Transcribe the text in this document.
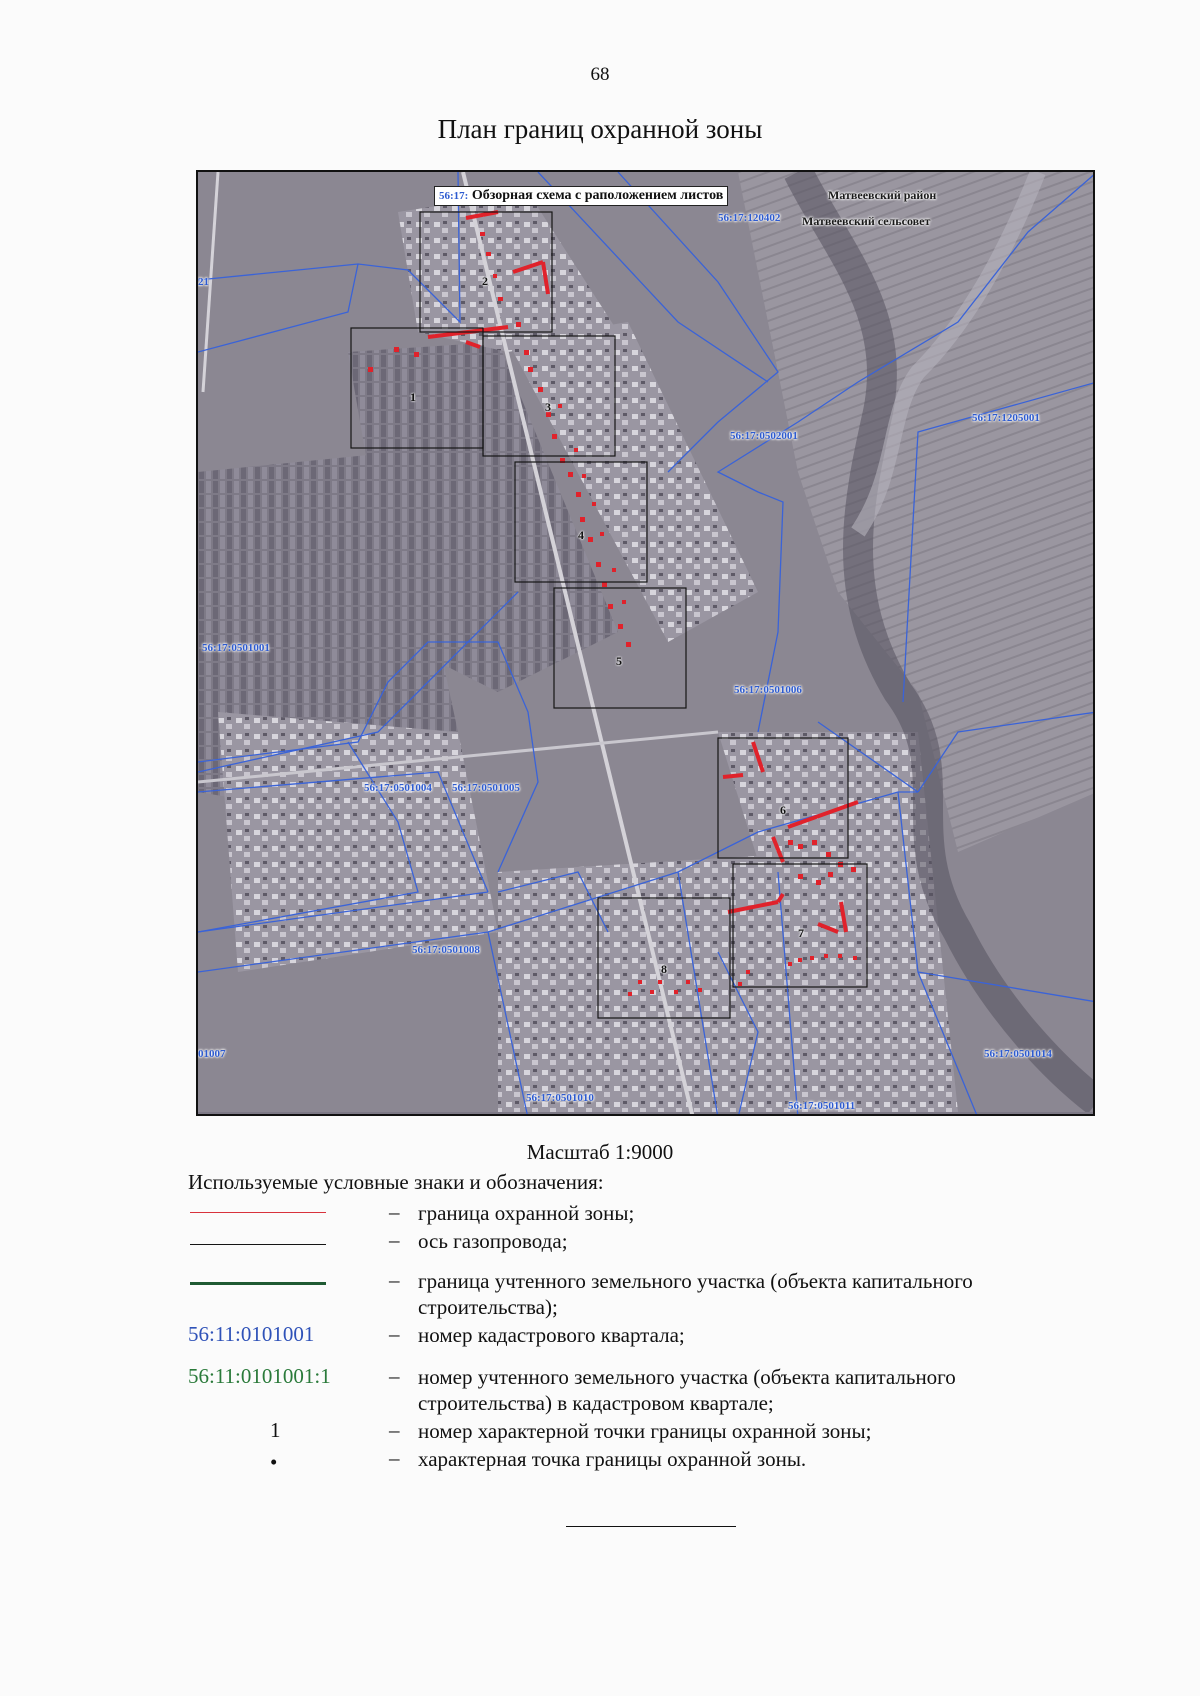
68
План границ охранной зоны
56:17: Обзорная схема с раположением листов	Матвеевский район
Матвеевский сельсовет
56:17:120402
56:17:1205001
56:17:0502001
56:17:0501001
56:17:0501006
56:17:0501004 56:17:0501005
56:17:0501008
01007
56:17:0501010
56:17:0501011
56:17:0501014
21
1
2
3
4
5
6
7
8
Масштаб 1:9000
Используемые условные знаки и обозначения:
– границa охранной зоны;
– ось газопровода;
– граница учтенного земельного участка (объекта капитального строительства);
56:11:0101001	– номер кадастрового квартала;
56:11:0101001:1	– номер учтенного земельного участка (объекта капитального строительства) в кадастровом квартале;
1	– номер характерной точки границы охранной зоны;
•	– характерная точка границы охранной зоны.
